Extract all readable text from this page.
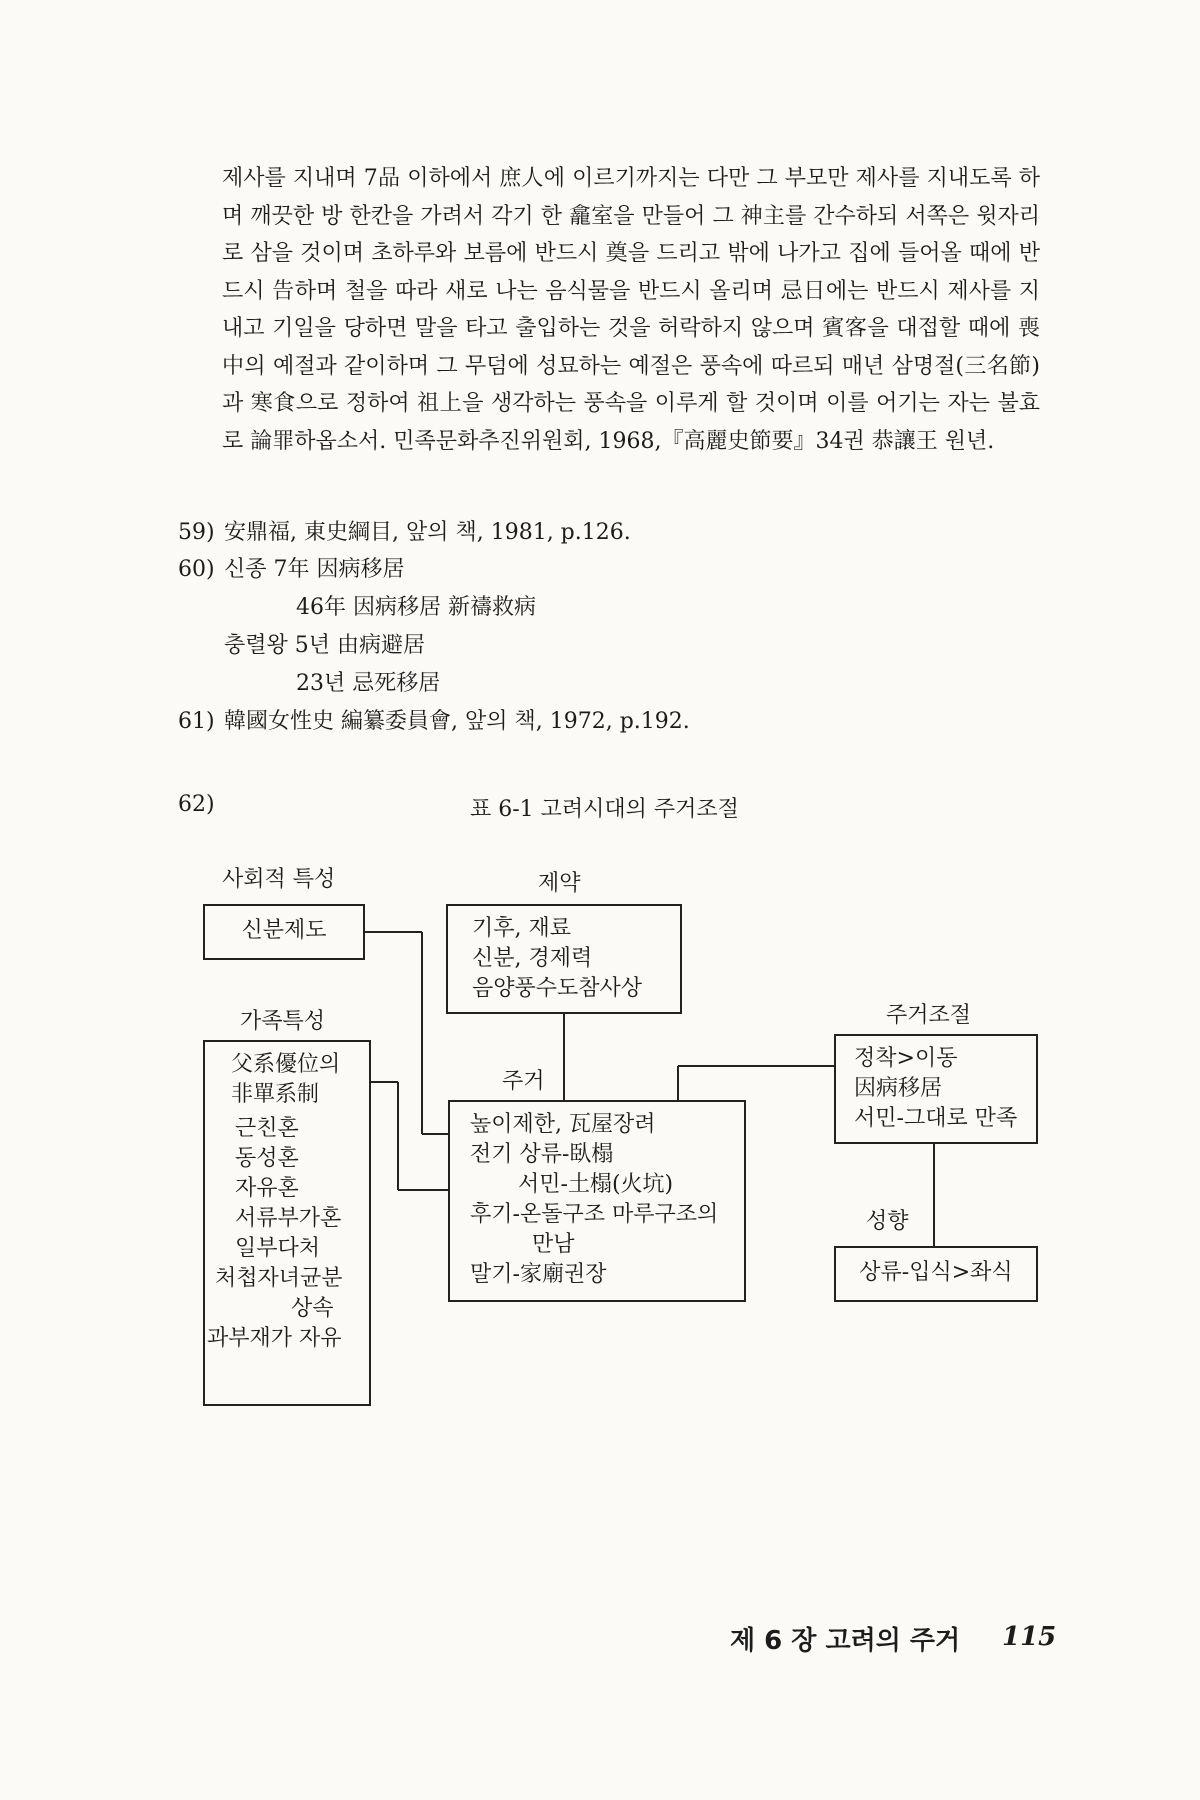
제사를 지내며 7品 이하에서 庶人에 이르기까지는 다만 그 부모만 제사를 지내도록 하며 깨끗한 방 한칸을 가려서 각기 한 龕室을 만들어 그 神主를 간수하되 서쪽은 윗자리로 삼을 것이며 초하루와 보름에 반드시 奠을 드리고 밖에 나가고 집에 들어올 때에 반드시 告하며 철을 따라 새로 나는 음식물을 반드시 올리며 忌日에는 반드시 제사를 지내고 기일을 당하면 말을 타고 출입하는 것을 허락하지 않으며 賓客을 대접할 때에 喪中의 예절과 같이하며 그 무덤에 성묘하는 예절은 풍속에 따르되 매년 삼명절(三名節)과 寒食으로 정하여 祖上을 생각하는 풍속을 이루게 할 것이며 이를 어기는 자는 불효로 論罪하옵소서. 민족문화추진위원회, 1968,『高麗史節要』34권 恭讓王 원년.

59) 安鼎福, 東史綱目, 앞의 책, 1981, p.126.

60) 신종 7年 因病移居

46年 因病移居 新禱救病

충렬왕 5년 由病避居

23년 忌死移居

61) 韓國女性史 編纂委員會, 앞의 책, 1972, p.192.

62)	표 6-1 고려시대의 주거조절
사회적 특성	제약
가족특성
주거
주거조절
성향
신분제도	기후, 재료
신분, 경제력
음양풍수도참사상
父系優位의
非單系制
근친혼
동성혼
자유혼
서류부가혼
일부다처
처첩자녀균분
상속
과부재가 자유
높이제한, 瓦屋장려
전기 상류-臥榻
서민-土榻(火坑)
후기-온돌구조 마루구조의
만남
말기-家廟권장
정착>이동
因病移居
서민-그대로 만족
상류-입식>좌식
제 6 장 고려의 주거 115
